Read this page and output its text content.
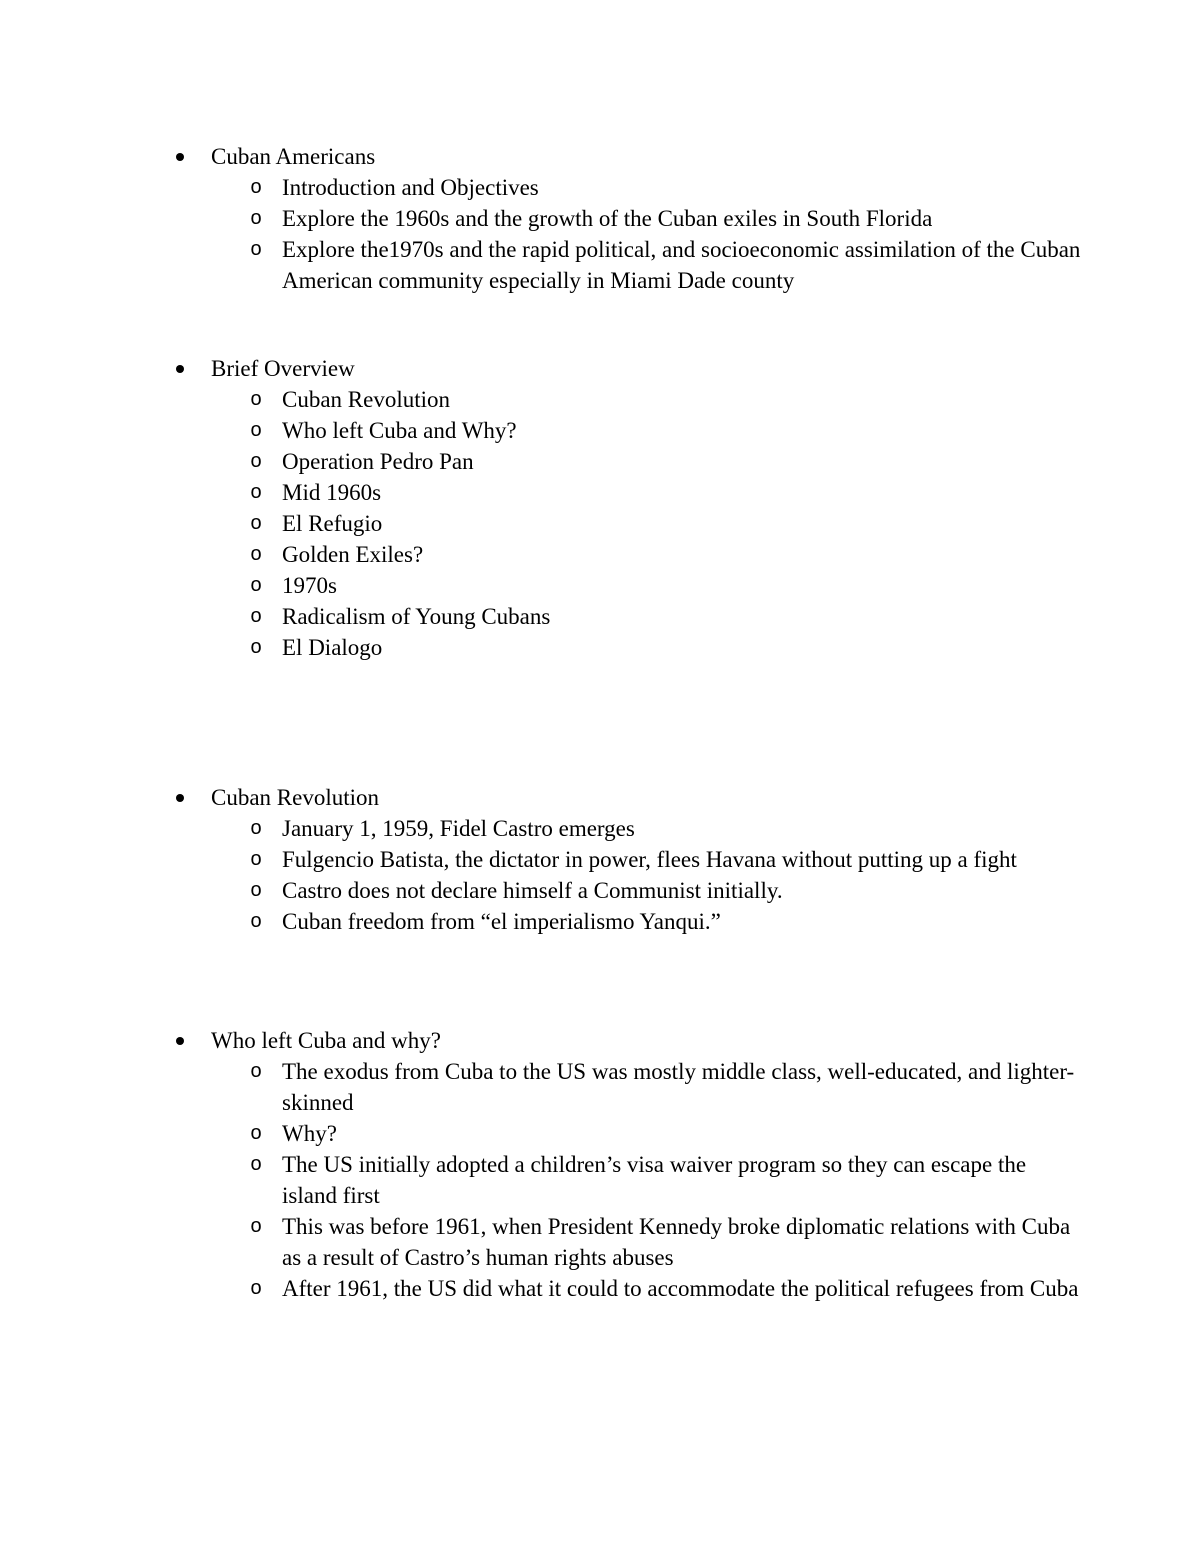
Cuban Americans
o Introduction and Objectives
o Explore the 1960s and the growth of the Cuban exiles in South Florida
o Explore the1970s and the rapid political, and socioeconomic assimilation of the Cuban American community especially in Miami Dade county
Brief Overview
o Cuban Revolution
o Who left Cuba and Why?
o Operation Pedro Pan
o Mid 1960s
o El Refugio
o Golden Exiles?
o 1970s
o Radicalism of Young Cubans
o El Dialogo
Cuban Revolution
o January 1, 1959, Fidel Castro emerges
o Fulgencio Batista, the dictator in power, flees Havana without putting up a fight
o Castro does not declare himself a Communist initially.
o Cuban freedom from “el imperialismo Yanqui.”
Who left Cuba and why?
o The exodus from Cuba to the US was mostly middle class, well-educated, and lighter-skinned
o Why?
o The US initially adopted a children’s visa waiver program so they can escape the island first
o This was before 1961, when President Kennedy broke diplomatic relations with Cuba as a result of Castro’s human rights abuses
o After 1961, the US did what it could to accommodate the political refugees from Cuba
